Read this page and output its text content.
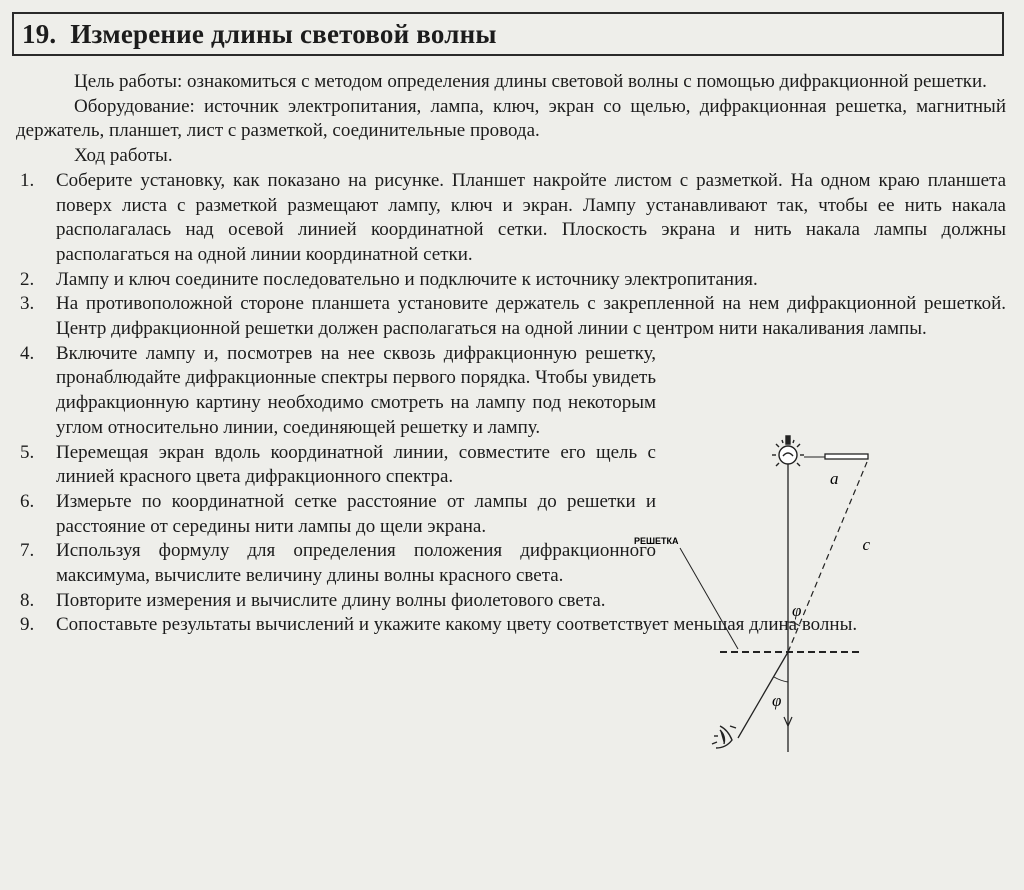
19. Измерение длины световой волны

Цель работы: ознакомиться с методом определения длины световой волны с помощью дифракционной решетки.

Оборудование: источник электропитания, лампа, ключ, экран со щелью, дифракционная решетка, магнитный держатель, планшет, лист с разметкой, соединительные провода.

Ход работы.

1. Соберите установку, как показано на рисунке. Планшет накройте листом с разметкой. На одном краю планшета поверх листа с разметкой размещают лампу, ключ и экран. Лампу устанавливают так, чтобы ее нить накала располагалась над осевой линией координатной сетки. Плоскость экрана и нить накала лампы должны располагаться на одной линии координатной сетки.
2. Лампу и ключ соедините последовательно и подключите к источнику электропитания.
3. На противоположной стороне планшета установите держатель с закрепленной на нем дифракционной решеткой. Центр дифракционной решетки должен располагаться на одной линии с центром нити накаливания лампы.
4. Включите лампу и, посмотрев на нее сквозь дифракционную решетку, пронаблюдайте дифракционные спектры первого порядка. Чтобы увидеть дифракционную картину необходимо смотреть на лампу под некоторым углом относительно линии, соединяющей решетку и лампу.
5. Перемещая экран вдоль координатной линии, совместите его щель с линией красного цвета дифракционного спектра.
6. Измерьте по координатной сетке расстояние от лампы до решетки и расстояние от середины нити лампы до щели экрана.
7. Используя формулу для определения положения дифракционного максимума, вычислите величину длины волны красного света.
8. Повторите измерения и вычислите длину волны фиолетового света.
9. Сопоставьте результаты вычислений и укажите какому цвету соответствует меньшая длина волны.
РЕШЕТКА
a
c
φ
φ
